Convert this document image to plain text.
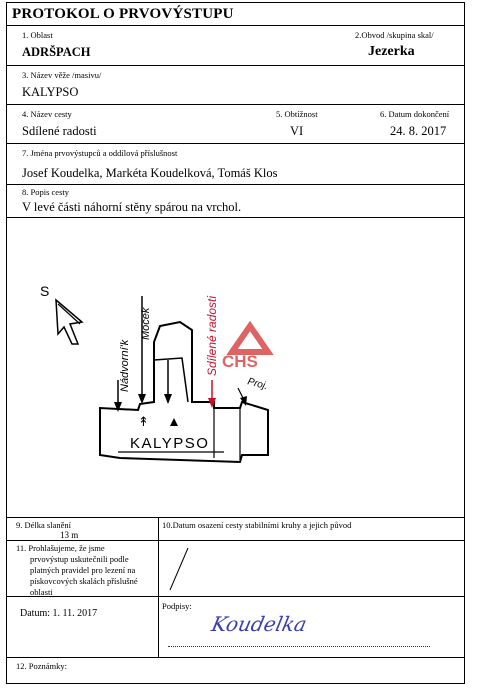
PROTOKOL O PRVOVÝSTUPU
1. Oblast
ADRŠPACH
2.Obvod /skupina skal/
Jezerka
3. Název věže /masivu/
KALYPSO
4. Název cesty
Sdílené radosti
5. Obtížnost
VI
6. Datum dokončení
24. 8. 2017
7. Jména prvovýstupců a oddílová příslušnost
Josef Koudelka, Markéta Koudelková, Tomáš Klos
8. Popis cesty
V levé části náhorní stěny spárou na vrchol.
S
CHS
Nádvorní'k
Mocek	Sdílené radosti
Proj.
↟
KALYPSO
9. Délka slanění
13 m
10.Datum osazení cesty stabilními kruhy a jejich původ
11. Prohlašujeme, že jsme
prvovýstup uskutečnili podle
platných pravidel pro lezení na
pískovcových skalách příslušné
oblasti
Datum: 1. 11. 2017
Podpisy:
Koudelka
12. Poznámky:
